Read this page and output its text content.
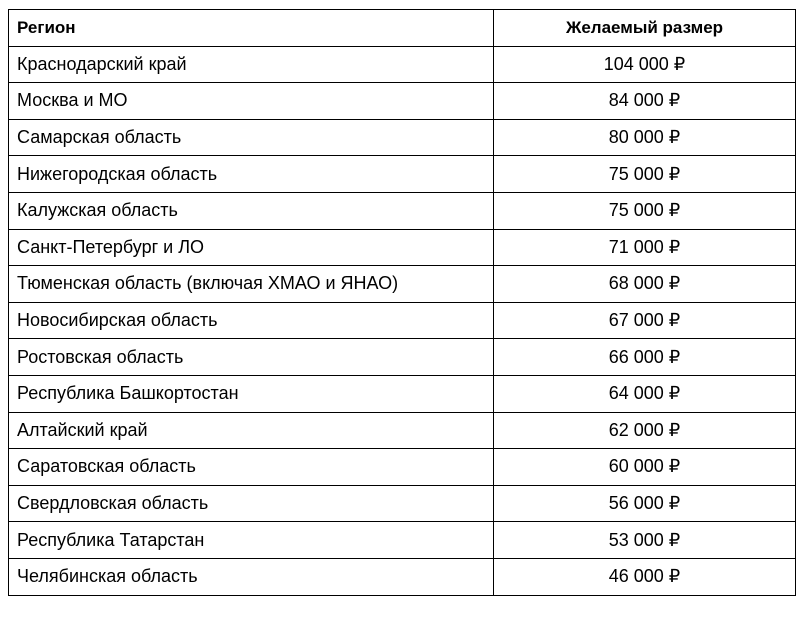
Регион	Желаемый размер
Краснодарский край	104 000 ₽
Москва и МО	84 000 ₽
Самарская область	80 000 ₽
Нижегородская область	75 000 ₽
Калужская область	75 000 ₽
Санкт-Петербург и ЛО	71 000 ₽
Тюменская область (включая ХМАО и ЯНАО)	68 000 ₽
Новосибирская область	67 000 ₽
Ростовская область	66 000 ₽
Республика Башкортостан	64 000 ₽
Алтайский край	62 000 ₽
Саратовская область	60 000 ₽
Свердловская область	56 000 ₽
Республика Татарстан	53 000 ₽
Челябинская область	46 000 ₽
